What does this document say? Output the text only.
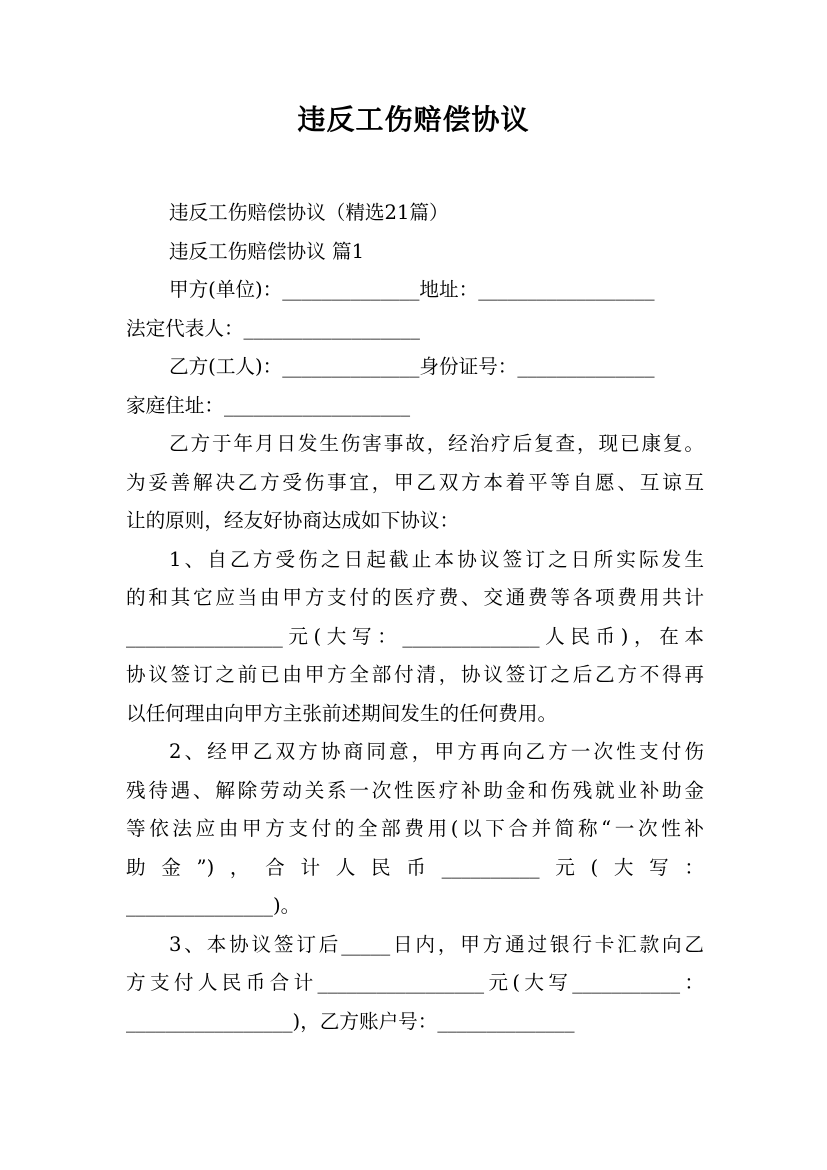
违反工伤赔偿协议
违反工伤赔偿协议（精选21篇）
违反工伤赔偿协议 篇1
甲方(单位)：______________地址：__________________
法定代表人：__________________
乙方(工人)：______________身份证号：______________
家庭住址：___________________
乙方于年月日发生伤害事故，经治疗后复查，现已康复。
为妥善解决乙方受伤事宜，甲乙双方本着平等自愿、互谅互
让的原则，经友好协商达成如下协议：
1、自乙方受伤之日起截止本协议签订之日所实际发生
的和其它应当由甲方支付的医疗费、交通费等各项费用共计
________________元(大写：______________人民币)，在本
协议签订之前已由甲方全部付清，协议签订之后乙方不得再
以任何理由向甲方主张前述期间发生的任何费用。
2、经甲乙双方协商同意，甲方再向乙方一次性支付伤
残待遇、解除劳动关系一次性医疗补助金和伤残就业补助金
等依法应由甲方支付的全部费用(以下合并简称“一次性补
助金”)，合计人民币__________元(大写：
_______________)。
3、本协议签订后_____日内，甲方通过银行卡汇款向乙
方支付人民币合计_________________元(大写___________：
_________________)，乙方账户号：______________
